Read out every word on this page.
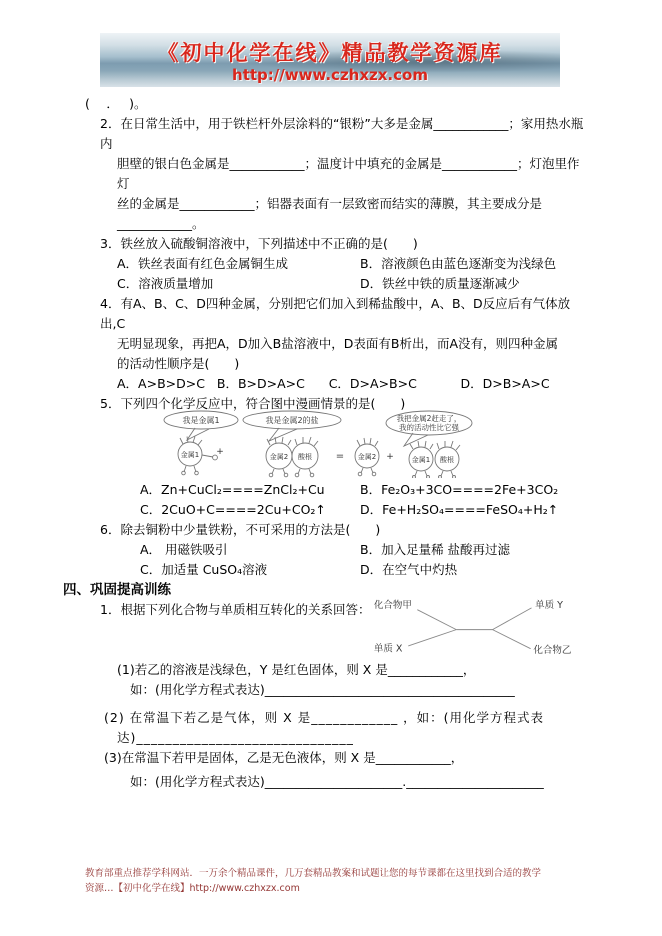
《初中化学在线》精品教学资源库
http://www.czhxzx.com

(　 ．　 )。

2．在日常生活中，用于铁栏杆外层涂料的“银粉”大多是金属____________；家用热水瓶内

胆壁的银白色金属是____________；温度计中填充的金属是____________；灯泡里作灯

丝的金属是____________；铝器表面有一层致密而结实的薄膜，其主要成分是

____________。

3．铁丝放入硫酸铜溶液中，下列描述中不正确的是(　　)

A．铁丝表面有红色金属铜生成	B．溶液颜色由蓝色逐渐变为浅绿色
C．溶液质量增加	D．铁丝中铁的质量逐渐减少

4．有A、B、C、D四种金属，分别把它们加入到稀盐酸中，A、B、D反应后有气体放出,C

无明显现象，再把A，D加入B盐溶液中，D表面有B析出，而A没有，则四种金属

的活动性顺序是(　　)

A．A>B>D>C   B．B>D>A>C      C．D>A>B>C           D．D>B>A>C

5．下列四个化学反应中，符合图中漫画情景的是(　　)

我是金属1
金属1 +
我是金属2的盐
金属2 酸根 = 金属2 +
我把金属2赶走了，
我的活动性比它强
金属1 酸根
A．Zn+CuCl₂====ZnCl₂+Cu	B．Fe₂O₃+3CO====2Fe+3CO₂
C．2CuO+C====2Cu+CO₂↑	D．Fe+H₂SO₄====FeSO₄+H₂↑

6．除去铜粉中少量铁粉，不可采用的方法是(　　)

A． 用磁铁吸引	B．加入足量稀 盐酸再过滤
C．加适量 CuSO₄溶液	D．在空气中灼热

四、巩固提高训练

1．根据下列化合物与单质相互转化的关系回答： 化合物甲	单质 Y
单质 X	化合物乙

(1)若乙的溶液是浅绿色，Y 是红色固体，则 X 是____________，

如：(用化学方程式表达)________________________________________

(2) 在常温下若乙是气体，则 X 是____________ ，如：(用化学方程式表

达)______________________________

(3)在常温下若甲是固体，乙是无色液体，则 X 是____________，

如：(用化学方程式表达)______________________.______________________

教育部重点推荐学科网站．一万余个精品课件，几万套精品教案和试题让您的每节课都在这里找到合适的教学
资源…【初中化学在线】http://www.czhxzx.com
